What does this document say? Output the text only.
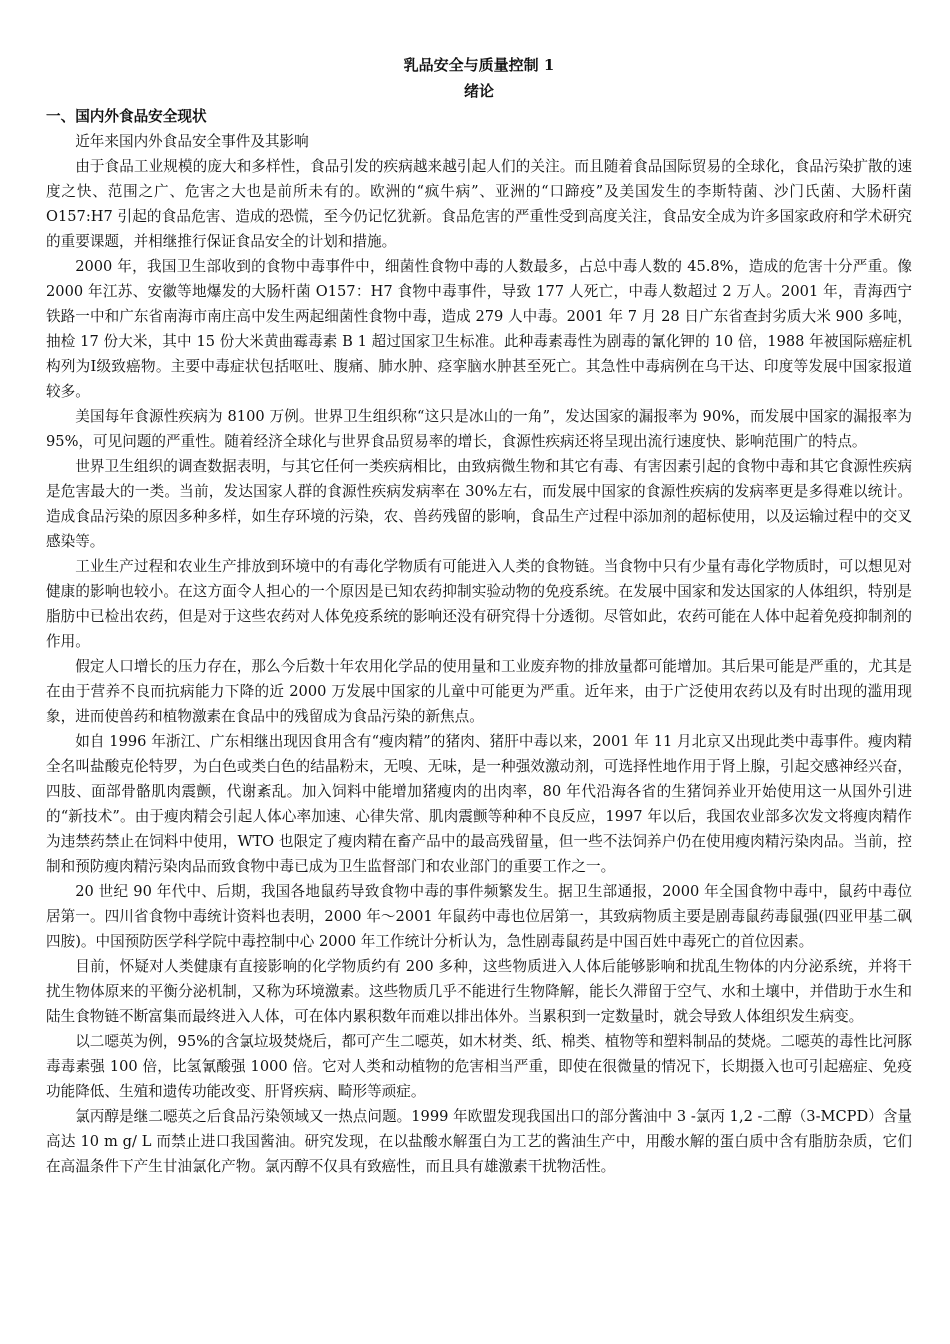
乳品安全与质量控制 1

绪论

一、国内外食品安全现状

近年来国内外食品安全事件及其影响

由于食品工业规模的庞大和多样性，食品引发的疾病越来越引起人们的关注。而且随着食品国际贸易的全球化，食品污染扩散的速度之快、范围之广、危害之大也是前所未有的。欧洲的“疯牛病”、亚洲的“口蹄疫”及美国发生的李斯特菌、沙门氏菌、大肠杆菌 O157:H7 引起的食品危害、造成的恐慌，至今仍记忆犹新。食品危害的严重性受到高度关注，食品安全成为许多国家政府和学术研究的重要课题，并相继推行保证食品安全的计划和措施。

2000 年，我国卫生部收到的食物中毒事件中，细菌性食物中毒的人数最多，占总中毒人数的 45.8%，造成的危害十分严重。像 2000 年江苏、安徽等地爆发的大肠杆菌 O157：H7 食物中毒事件，导致 177 人死亡，中毒人数超过 2 万人。2001 年，青海西宁铁路一中和广东省南海市南庄高中发生两起细菌性食物中毒，造成 279 人中毒。2001 年 7 月 28 日广东省查封劣质大米 900 多吨，抽检 17 份大米，其中 15 份大米黄曲霉毒素 B 1 超过国家卫生标准。此种毒素毒性为剧毒的氰化钾的 10 倍，1988 年被国际癌症机构列为Ⅰ级致癌物。主要中毒症状包括呕吐、腹痛、肺水肿、痉挛脑水肿甚至死亡。其急性中毒病例在乌干达、印度等发展中国家报道较多。

美国每年食源性疾病为 8100 万例。世界卫生组织称“这只是冰山的一角”，发达国家的漏报率为 90%，而发展中国家的漏报率为 95%，可见问题的严重性。随着经济全球化与世界食品贸易率的增长，食源性疾病还将呈现出流行速度快、影响范围广的特点。

世界卫生组织的调查数据表明，与其它任何一类疾病相比，由致病微生物和其它有毒、有害因素引起的食物中毒和其它食源性疾病是危害最大的一类。当前，发达国家人群的食源性疾病发病率在 30%左右，而发展中国家的食源性疾病的发病率更是多得难以统计。造成食品污染的原因多种多样，如生存环境的污染，农、兽药残留的影响，食品生产过程中添加剂的超标使用，以及运输过程中的交叉感染等。

工业生产过程和农业生产排放到环境中的有毒化学物质有可能进入人类的食物链。当食物中只有少量有毒化学物质时，可以想见对健康的影响也较小。在这方面令人担心的一个原因是已知农药抑制实验动物的免疫系统。在发展中国家和发达国家的人体组织，特别是脂肪中已检出农药，但是对于这些农药对人体免疫系统的影响还没有研究得十分透彻。尽管如此，农药可能在人体中起着免疫抑制剂的作用。

假定人口增长的压力存在，那么今后数十年农用化学品的使用量和工业废弃物的排放量都可能增加。其后果可能是严重的，尤其是在由于营养不良而抗病能力下降的近 2000 万发展中国家的儿童中可能更为严重。近年来，由于广泛使用农药以及有时出现的滥用现象，进而使兽药和植物激素在食品中的残留成为食品污染的新焦点。

如自 1996 年浙江、广东相继出现因食用含有“瘦肉精”的猪肉、猪肝中毒以来，2001 年 11 月北京又出现此类中毒事件。瘦肉精全名叫盐酸克伦特罗，为白色或类白色的结晶粉末，无嗅、无味，是一种强效激动剂，可选择性地作用于肾上腺，引起交感神经兴奋，四肢、面部骨骼肌肉震颤，代谢紊乱。加入饲料中能增加猪瘦肉的出肉率，80 年代沿海各省的生猪饲养业开始使用这一从国外引进的“新技术”。由于瘦肉精会引起人体心率加速、心律失常、肌肉震颤等种种不良反应，1997 年以后，我国农业部多次发文将瘦肉精作为违禁药禁止在饲料中使用，WTO 也限定了瘦肉精在畜产品中的最高残留量，但一些不法饲养户仍在使用瘦肉精污染肉品。当前，控制和预防瘦肉精污染肉品而致食物中毒已成为卫生监督部门和农业部门的重要工作之一。

20 世纪 90 年代中、后期，我国各地鼠药导致食物中毒的事件频繁发生。据卫生部通报，2000 年全国食物中毒中，鼠药中毒位居第一。四川省食物中毒统计资料也表明，2000 年～2001 年鼠药中毒也位居第一，其致病物质主要是剧毒鼠药毒鼠强(四亚甲基二砜四胺)。中国预防医学科学院中毒控制中心 2000 年工作统计分析认为，急性剧毒鼠药是中国百姓中毒死亡的首位因素。

目前，怀疑对人类健康有直接影响的化学物质约有 200 多种，这些物质进入人体后能够影响和扰乱生物体的内分泌系统，并将干扰生物体原来的平衡分泌机制，又称为环境激素。这些物质几乎不能进行生物降解，能长久滞留于空气、水和土壤中，并借助于水生和陆生食物链不断富集而最终进入人体，可在体内累积数年而难以排出体外。当累积到一定数量时，就会导致人体组织发生病变。

以二噁英为例，95%的含氯垃圾焚烧后，都可产生二噁英，如木材类、纸、棉类、植物等和塑料制品的焚烧。二噁英的毒性比河豚毒毒素强 100 倍，比氢氰酸强 1000 倍。它对人类和动植物的危害相当严重，即使在很微量的情况下，长期摄入也可引起癌症、免疫功能降低、生殖和遗传功能改变、肝肾疾病、畸形等顽症。

氯丙醇是继二噁英之后食品污染领域又一热点问题。1999 年欧盟发现我国出口的部分酱油中 3 -氯丙 1,2 -二醇（3-MCPD）含量高达 10 m g/ L 而禁止进口我国酱油。研究发现，在以盐酸水解蛋白为工艺的酱油生产中，用酸水解的蛋白质中含有脂肪杂质，它们在高温条件下产生甘油氯化产物。氯丙醇不仅具有致癌性，而且具有雄激素干扰物活性。
